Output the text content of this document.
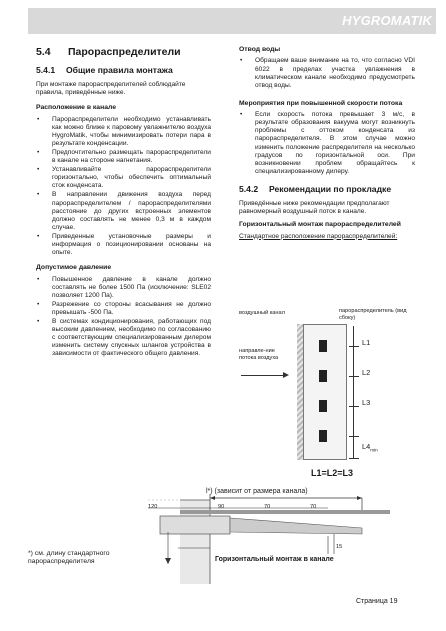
HYGROMATIK
5.4 Парораспределители
5.4.1 Общие правила монтажа

При монтаже парораспределителей соблюдайте правила, приведённые ниже.

Расположение в канале
• Парораспределители необходимо устанавливать как можно ближе к паровому увлажнителю воздуха HygroMatik, чтобы минимизировать потери пара в результате конденсации.
• Предпочтительно размещать парораспределители в канале на стороне нагнетания.
• Устанавливайте парораспределители горизонтально, чтобы обеспечить оптимальный сток конденсата.
• В направлении движения воздуха перед парораспределителем / парораспределителями расстояние до других встроенных элементов должно составлять не менее 0,3 м в каждом случае.
• Приведенные установочные размеры и информация о позиционировании основаны на опыте.
Допустимое давление
• Повышенное давление в канале должно составлять не более 1500 Па (исключение: SLE02 позволяет 1200 Па).
• Разрежение со стороны всасывания не должно превышать -500 Па.
• В системах кондиционирования, работающих под высоким давлением, необходимо по согласованию с соответствующим специализированным дилером изменить систему спускных шлангов устройства в зависимости от фактического общего давления.
Отвод воды
• Обращаем ваше внимание на то, что согласно VDI 6022 в пределах участка увлажнения в климатическом канале необходимо предусмотреть отвод воды.
Мероприятия при повышенной скорости потока
• Если скорость потока превышает 3 м/с, в результате образования вакуума могут возникнуть проблемы с оттоком конденсата из парораспределителя. В этом случае можно изменить положение распределителя на несколько градусов по горизонтальной оси. При возникновении проблем обращайтесь к специализированному дилеру.
5.4.2 Рекомендации по прокладке

Приведённые ниже рекомендации предполагают равномерный воздушный поток в канале.

Горизонтальный монтаж парораспределителей

Стандартное расположение парораспределителей:

воздушный канал	парораспределитель (вид сбоку)
направле-ние потока воздуха
L1
L2
L3
$L4_{min}$
L1=L2=L3
l*) (зависит от размера канала)
120	90	70	70
15
*) см. длину стандартного парораспределителя	Горизонтальный монтаж в канале
Страница 19
